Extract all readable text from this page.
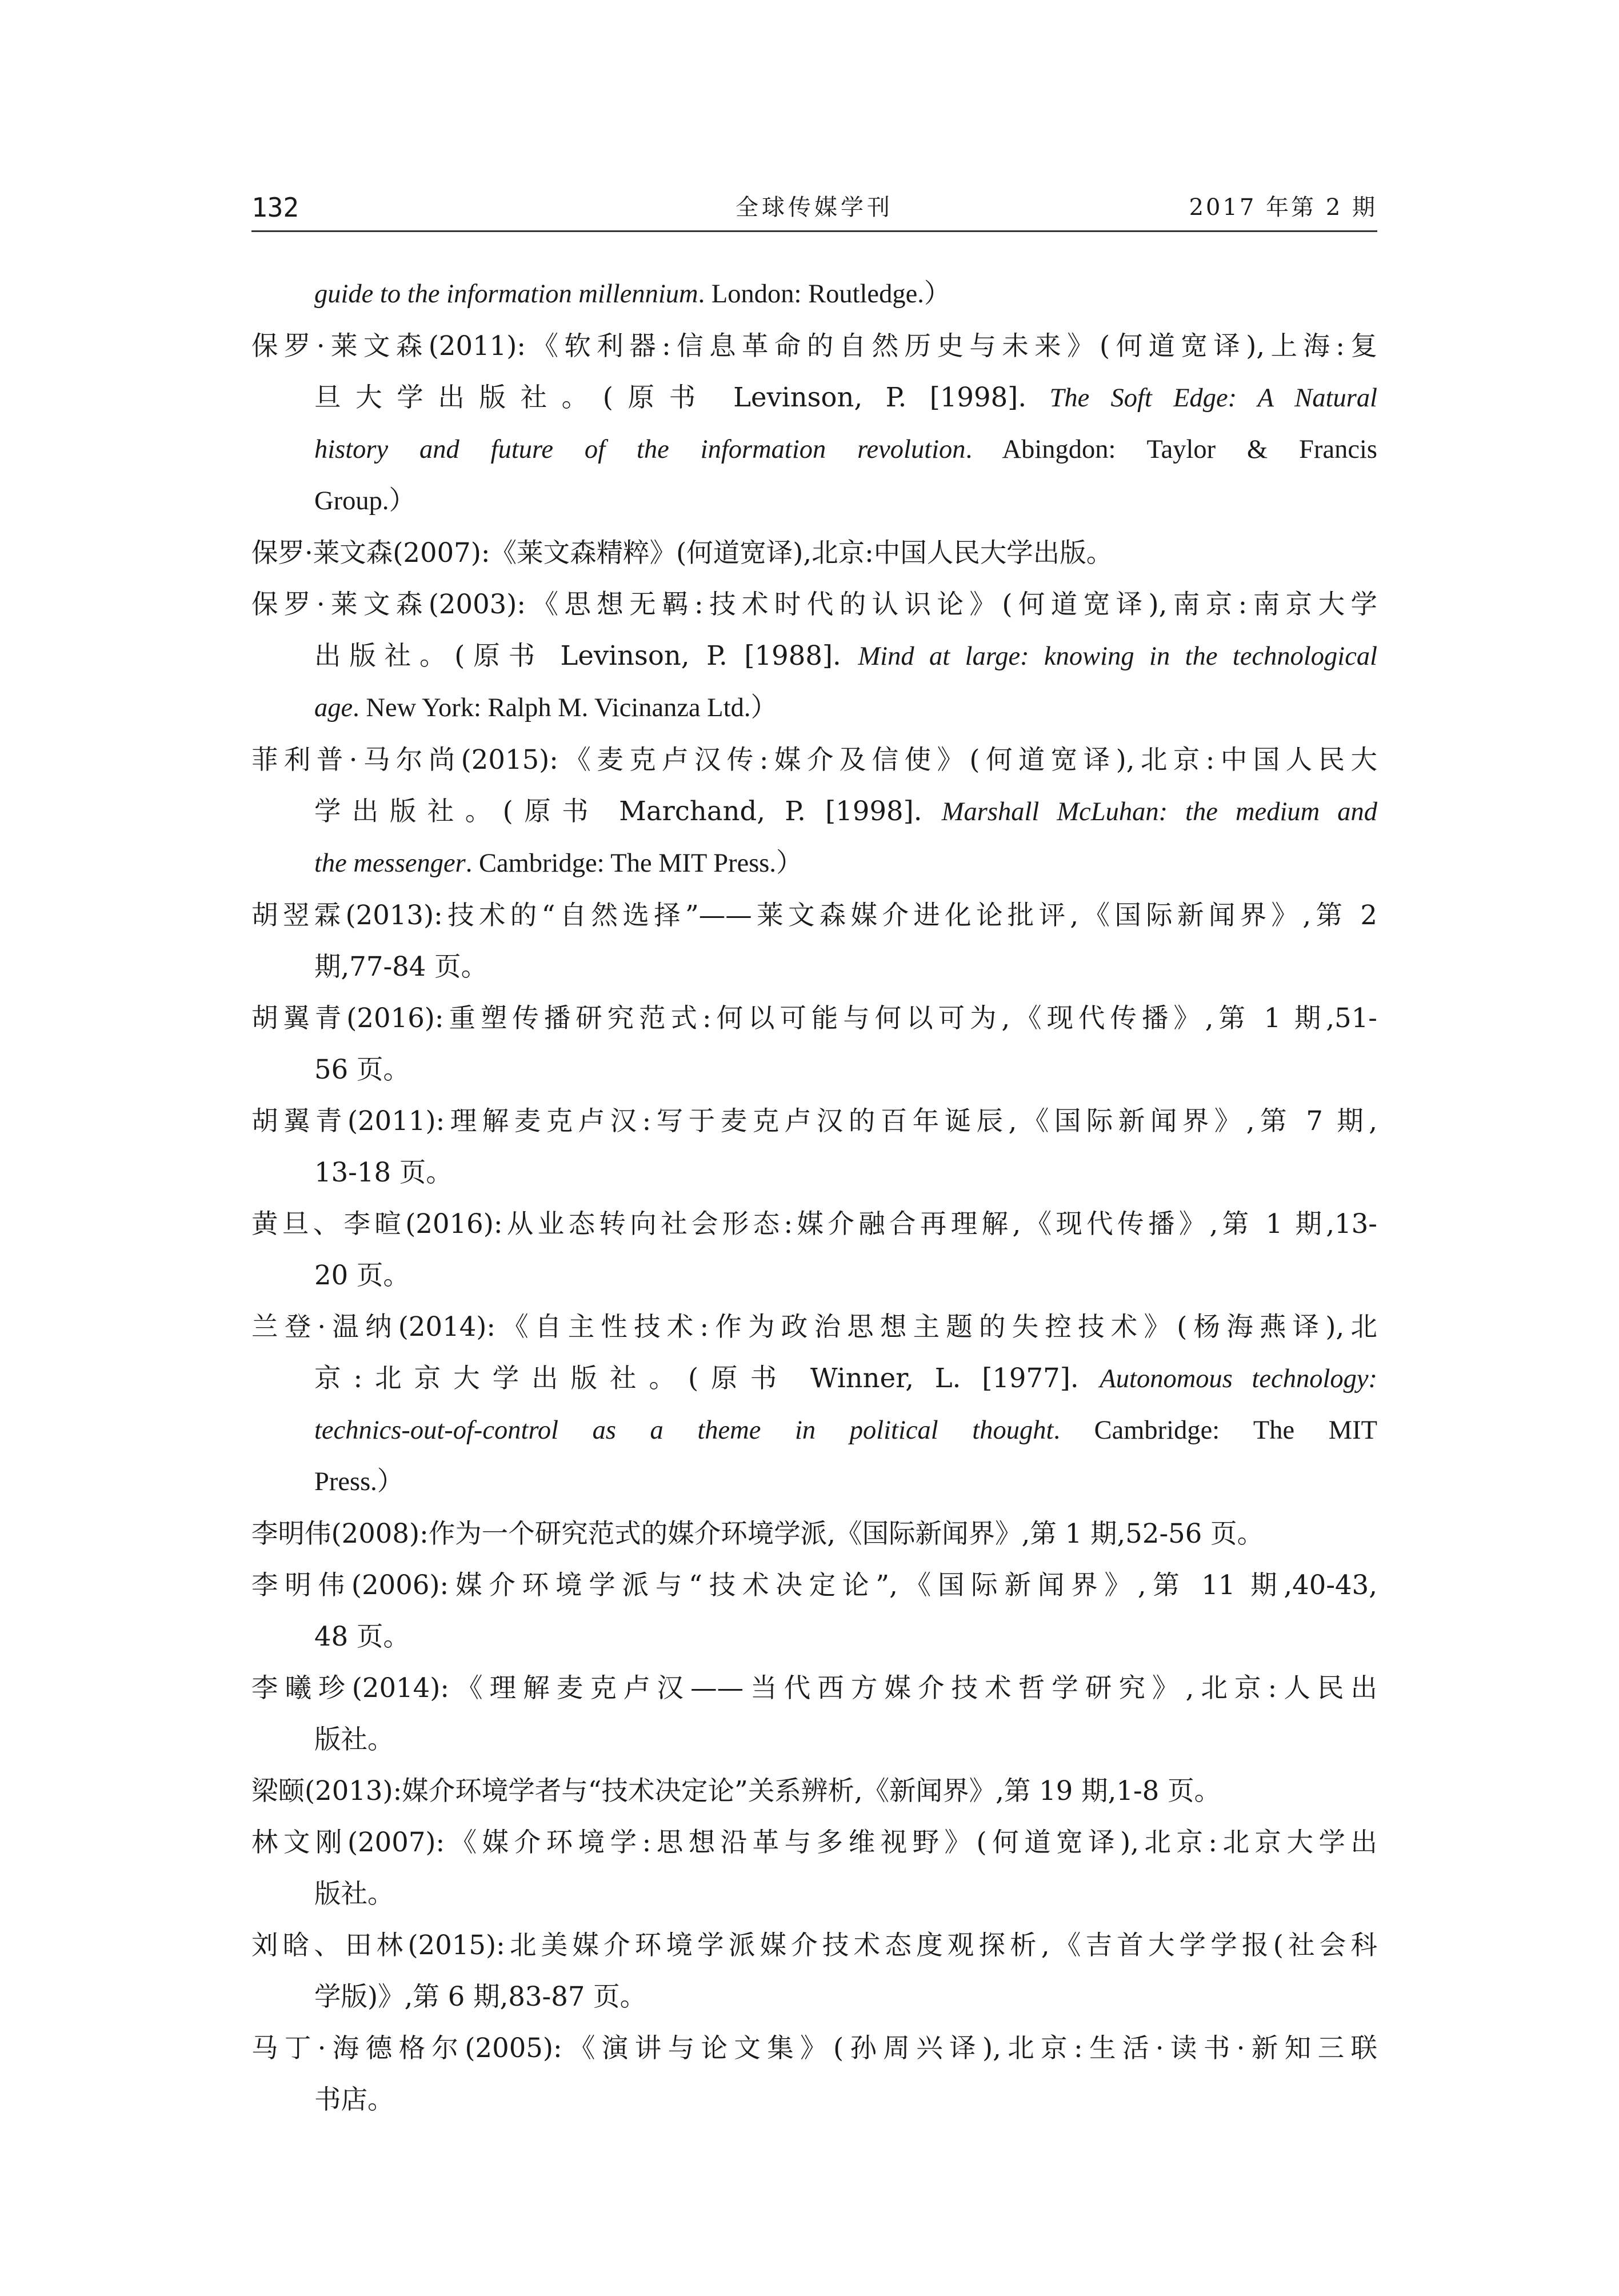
132	全球传媒学刊	2017 年第 2 期

guide to the information millennium. London: Routledge.）

保罗·莱文森(2011):《软利器:信息革命的自然历史与未来》(何道宽译),上海:复

旦大学出版社。(原书 Levinson, P. [1998]. The Soft Edge: A Natural

history and future of the information revolution. Abingdon: Taylor & Francis

Group.）

保罗·莱文森(2007):《莱文森精粹》(何道宽译),北京:中国人民大学出版。

保罗·莱文森(2003):《思想无羁:技术时代的认识论》(何道宽译),南京:南京大学

出版社。(原书 Levinson, P. [1988]. Mind at large: knowing in the technological

age. New York: Ralph M. Vicinanza Ltd.）

菲利普·马尔尚(2015):《麦克卢汉传:媒介及信使》(何道宽译),北京:中国人民大

学出版社。(原书 Marchand, P. [1998]. Marshall McLuhan: the medium and

the messenger. Cambridge: The MIT Press.）

胡翌霖(2013):技术的“自然选择”——莱文森媒介进化论批评,《国际新闻界》,第 2

期,77-84 页。

胡翼青(2016):重塑传播研究范式:何以可能与何以可为,《现代传播》,第 1 期,51-

56 页。

胡翼青(2011):理解麦克卢汉:写于麦克卢汉的百年诞辰,《国际新闻界》,第 7 期,

13-18 页。

黄旦、李暄(2016):从业态转向社会形态:媒介融合再理解,《现代传播》,第 1 期,13-

20 页。

兰登·温纳(2014):《自主性技术:作为政治思想主题的失控技术》(杨海燕译),北

京:北京大学出版社。(原书 Winner, L. [1977]. Autonomous technology:

technics-out-of-control as a theme in political thought. Cambridge: The MIT

Press.）

李明伟(2008):作为一个研究范式的媒介环境学派,《国际新闻界》,第 1 期,52-56 页。

李明伟(2006):媒介环境学派与“技术决定论”,《国际新闻界》,第 11 期,40-43,

48 页。

李曦珍(2014):《理解麦克卢汉——当代西方媒介技术哲学研究》,北京:人民出

版社。

梁颐(2013):媒介环境学者与“技术决定论”关系辨析,《新闻界》,第 19 期,1-8 页。

林文刚(2007):《媒介环境学:思想沿革与多维视野》(何道宽译),北京:北京大学出

版社。

刘晗、田林(2015):北美媒介环境学派媒介技术态度观探析,《吉首大学学报(社会科

学版)》,第 6 期,83-87 页。

马丁·海德格尔(2005):《演讲与论文集》(孙周兴译),北京:生活·读书·新知三联

书店。
